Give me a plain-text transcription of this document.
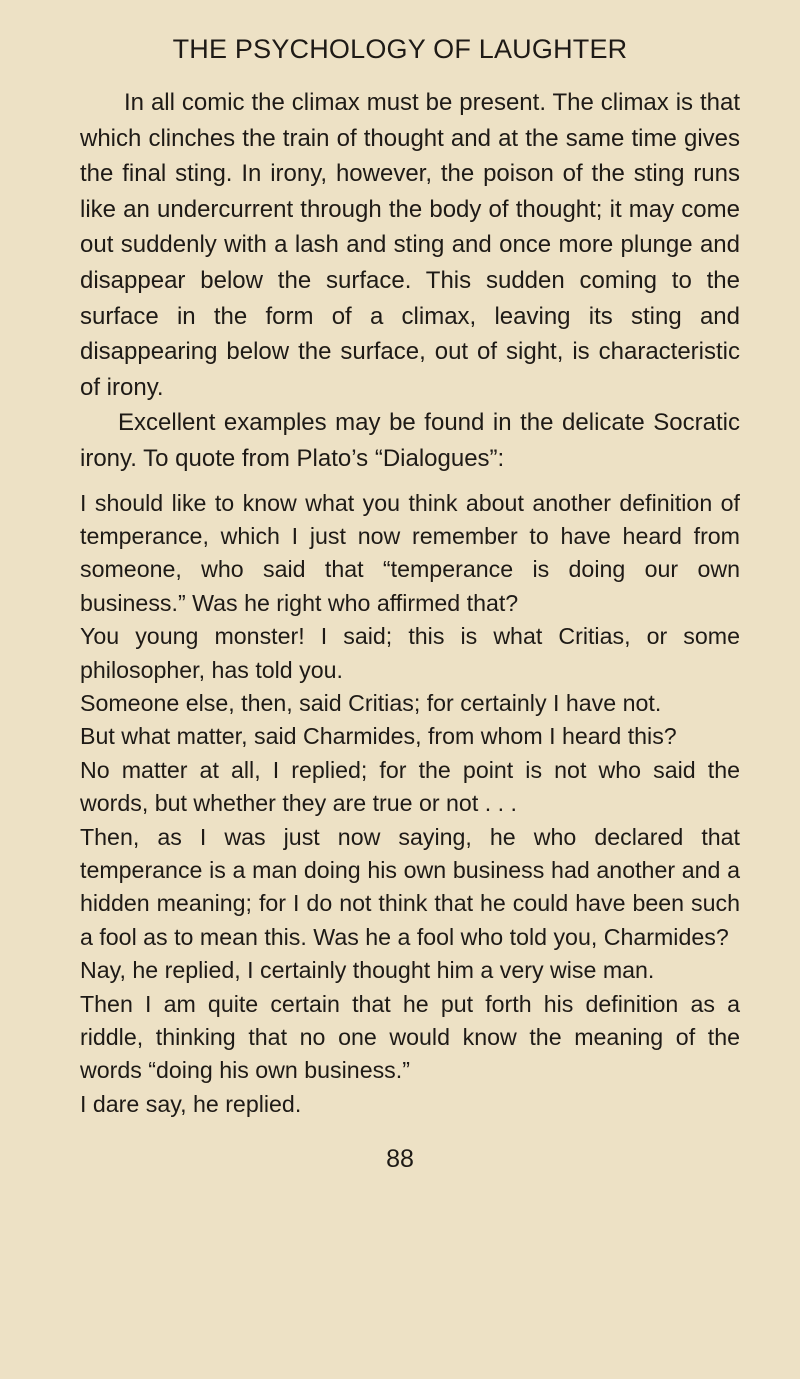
THE PSYCHOLOGY OF LAUGHTER

In all comic the climax must be present. The climax is that which clinches the train of thought and at the same time gives the final sting. In irony, however, the poison of the sting runs like an undercurrent through the body of thought; it may come out suddenly with a lash and sting and once more plunge and disappear below the surface. This sudden coming to the surface in the form of a climax, leaving its sting and disappearing below the surface, out of sight, is characteristic of irony.

Excellent examples may be found in the delicate Socratic irony. To quote from Plato’s “Dialogues”:

I should like to know what you think about another definition of temperance, which I just now remember to have heard from someone, who said that “temperance is doing our own business.” Was he right who affirmed that?

You young monster! I said; this is what Critias, or some philosopher, has told you.

Someone else, then, said Critias; for certainly I have not.

But what matter, said Charmides, from whom I heard this?

No matter at all, I replied; for the point is not who said the words, but whether they are true or not . . .

Then, as I was just now saying, he who declared that temperance is a man doing his own business had another and a hidden meaning; for I do not think that he could have been such a fool as to mean this. Was he a fool who told you, Charmides?

Nay, he replied, I certainly thought him a very wise man.

Then I am quite certain that he put forth his definition as a riddle, thinking that no one would know the meaning of the words “doing his own business.”

I dare say, he replied.

88
